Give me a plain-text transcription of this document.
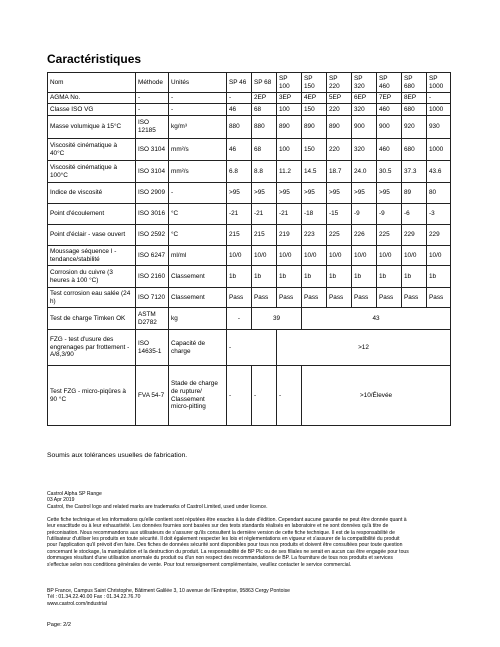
Caractéristiques
Nom	Méthode	Unités	SP 46	SP 68	SP 100	SP 150	SP 220	SP 320	SP 460	SP 680	SP 1000
AGMA No.	-	-	-	2EP	3EP	4EP	5EP	6EP	7EP	8EP	-
Classe ISO VG	-	-	46	68	100	150	220	320	460	680	1000
Masse volumique à 15°C	ISO 12185	kg/m³	880	880	890	890	890	900	900	920	930
Viscosité cinématique à 40°C	ISO 3104	mm²/s	46	68	100	150	220	320	460	680	1000
Viscosité cinématique à 100°C	ISO 3104	mm²/s	6.8	8.8	11.2	14.5	18.7	24.0	30.5	37.3	43.6
Indice de viscosité	ISO 2909	-	>95	>95	>95	>95	>95	>95	>95	89	80
Point d'écoulement	ISO 3016	°C	-21	-21	-21	-18	-15	-9	-9	-6	-3
Point d'éclair - vase ouvert	ISO 2592	°C	215	215	219	223	225	226	225	229	229
Moussage séquence I - tendance/stabilité	ISO 6247	ml/ml	10/0	10/0	10/0	10/0	10/0	10/0	10/0	10/0	10/0
Corrosion du cuivre (3 heures à 100 °C)	ISO 2160	Classement	1b	1b	1b	1b	1b	1b	1b	1b	1b
Test corrosion eau salée (24 h)	ISO 7120	Classement	Pass	Pass	Pass	Pass	Pass	Pass	Pass	Pass	Pass
Test de charge Timken OK	ASTM D2782	kg	-	39		43					
FZG - test d'usure des engrenages par frottement - A/8,3/90	ISO 14635-1	Capacité de charge	-		>12						
Test FZG - micro-piqûres à 90 °C	FVA 54-7	Stade de charge de rupture/ Classement micro-pitting	-	-	-	>10/Élevée					
Soumis aux tolérances usuelles de fabrication.
Castrol Alpha SP Range
03 Apr 2019
Castrol, the Castrol logo and related marks are trademarks of Castrol Limited, used under licence.
Cette fiche technique et les informations qu'elle contient sont réputées être exactes à la date d'édition. Cependant aucune garantie ne peut être donnée quant à
leur exactitude ou à leur exhaustivité. Les données fournies sont basées sur des tests standards réalisés en laboratoire et ne sont données qu'à titre de
préconisation. Nous recommandons aux utilisateurs de s'assurer qu'ils consultent la dernière version de cette fiche technique. Il est de la responsabilité de
l'utilisateur d'utiliser les produits en toute sécurité. Il doit également respecter les lois et réglementations en vigueur et s'assurer de la compatibilité du produit
pour l'application qu'il prévoit d'en faire. Des fiches de données sécurité sont disponibles pour tous nos produits et doivent être consultées pour toute question
concernant le stockage, la manipulation et la destruction du produit. La responsabilité de BP Plc ou de ses filiales ne serait en aucun cas être engagée pour tous
dommages résultant d'une utilisation anormale du produit ou d'un non respect des recommandations de BP. La fourniture de tous nos produits et services
s'effectue selon nos conditions générales de vente. Pour tout renseignement complémentaire, veuillez contacter le service commercial.
BP France, Campus Saint Christophe, Bâtiment Galilée 3, 10 avenue de l'Entreprise, 95863 Cergy Pontoise
Tél : 01.34.22.40.00 Fax : 01.34.22.76.70
www.castrol.com/industrial
Page: 2/2
